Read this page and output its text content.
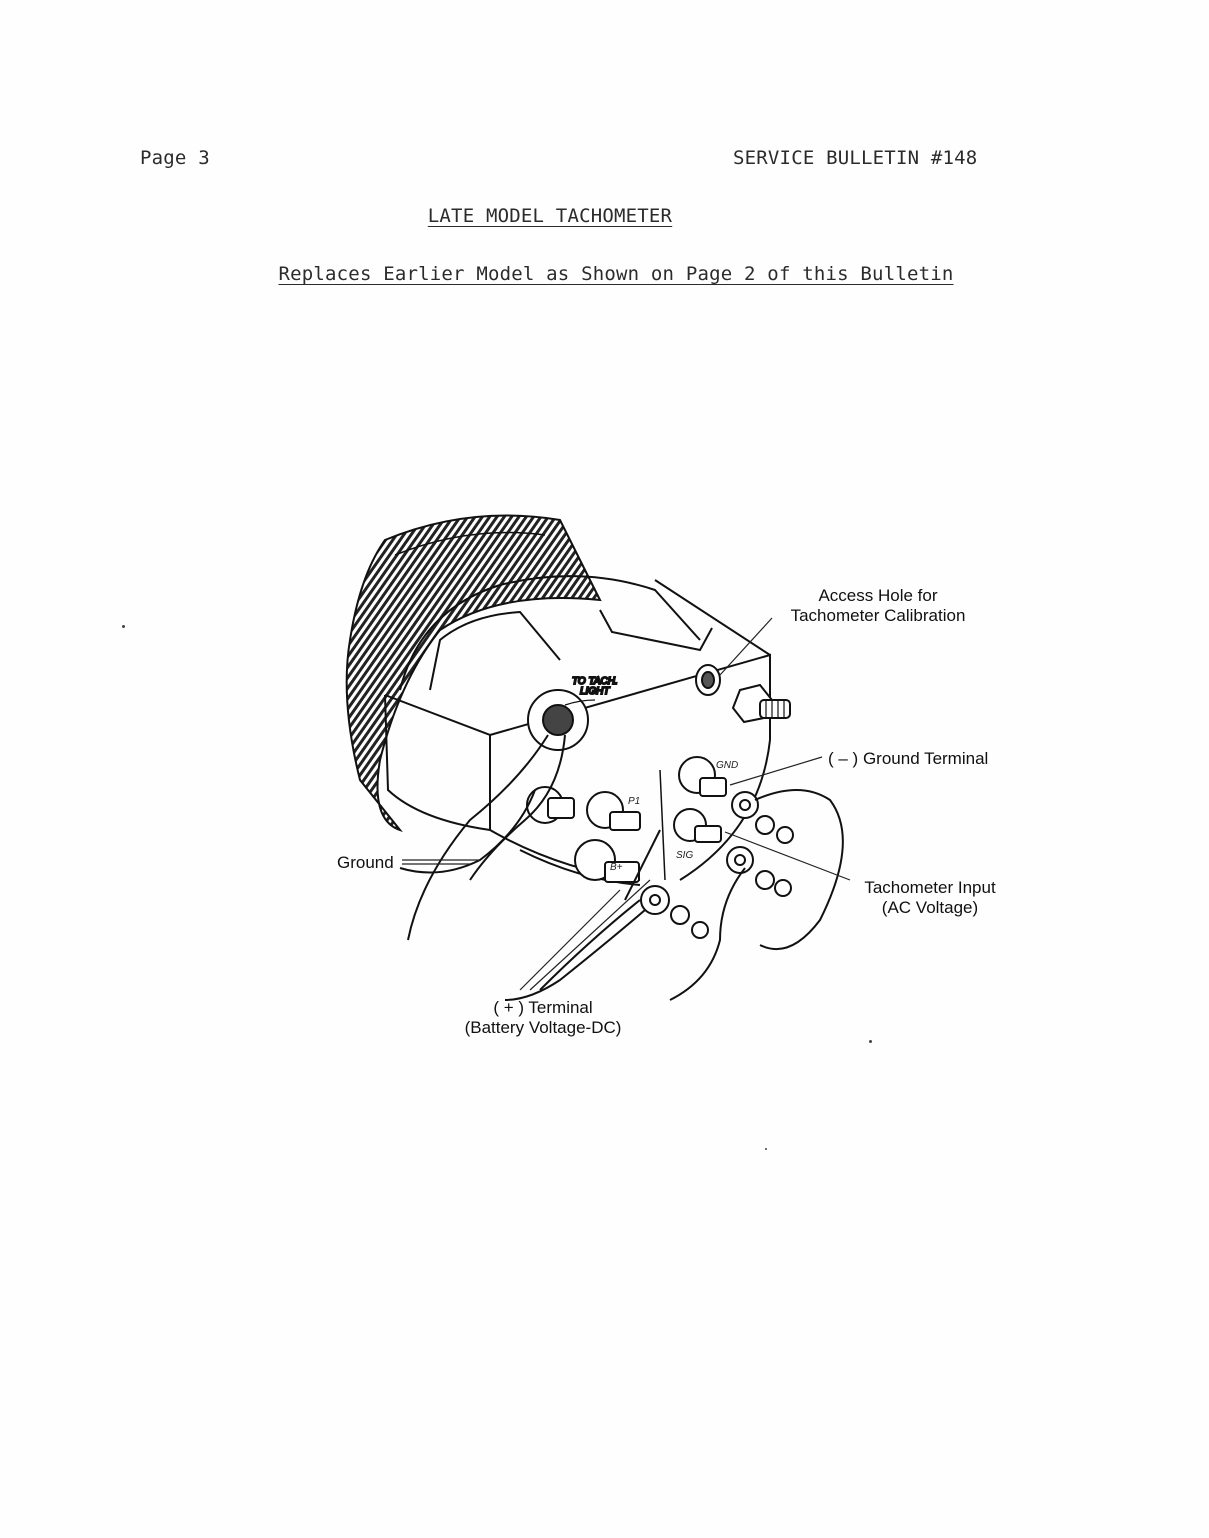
Page 3	SERVICE BULLETIN #148
LATE MODEL TACHOMETER
Replaces Earlier Model as Shown on Page 2 of this Bulletin
TO TACH.
LIGHT
P1
B+
SIG
GND
Access Hole for
Tachometer Calibration
( – ) Ground Terminal
Ground
Tachometer Input
(AC Voltage)
( + ) Terminal
(Battery Voltage-DC)
